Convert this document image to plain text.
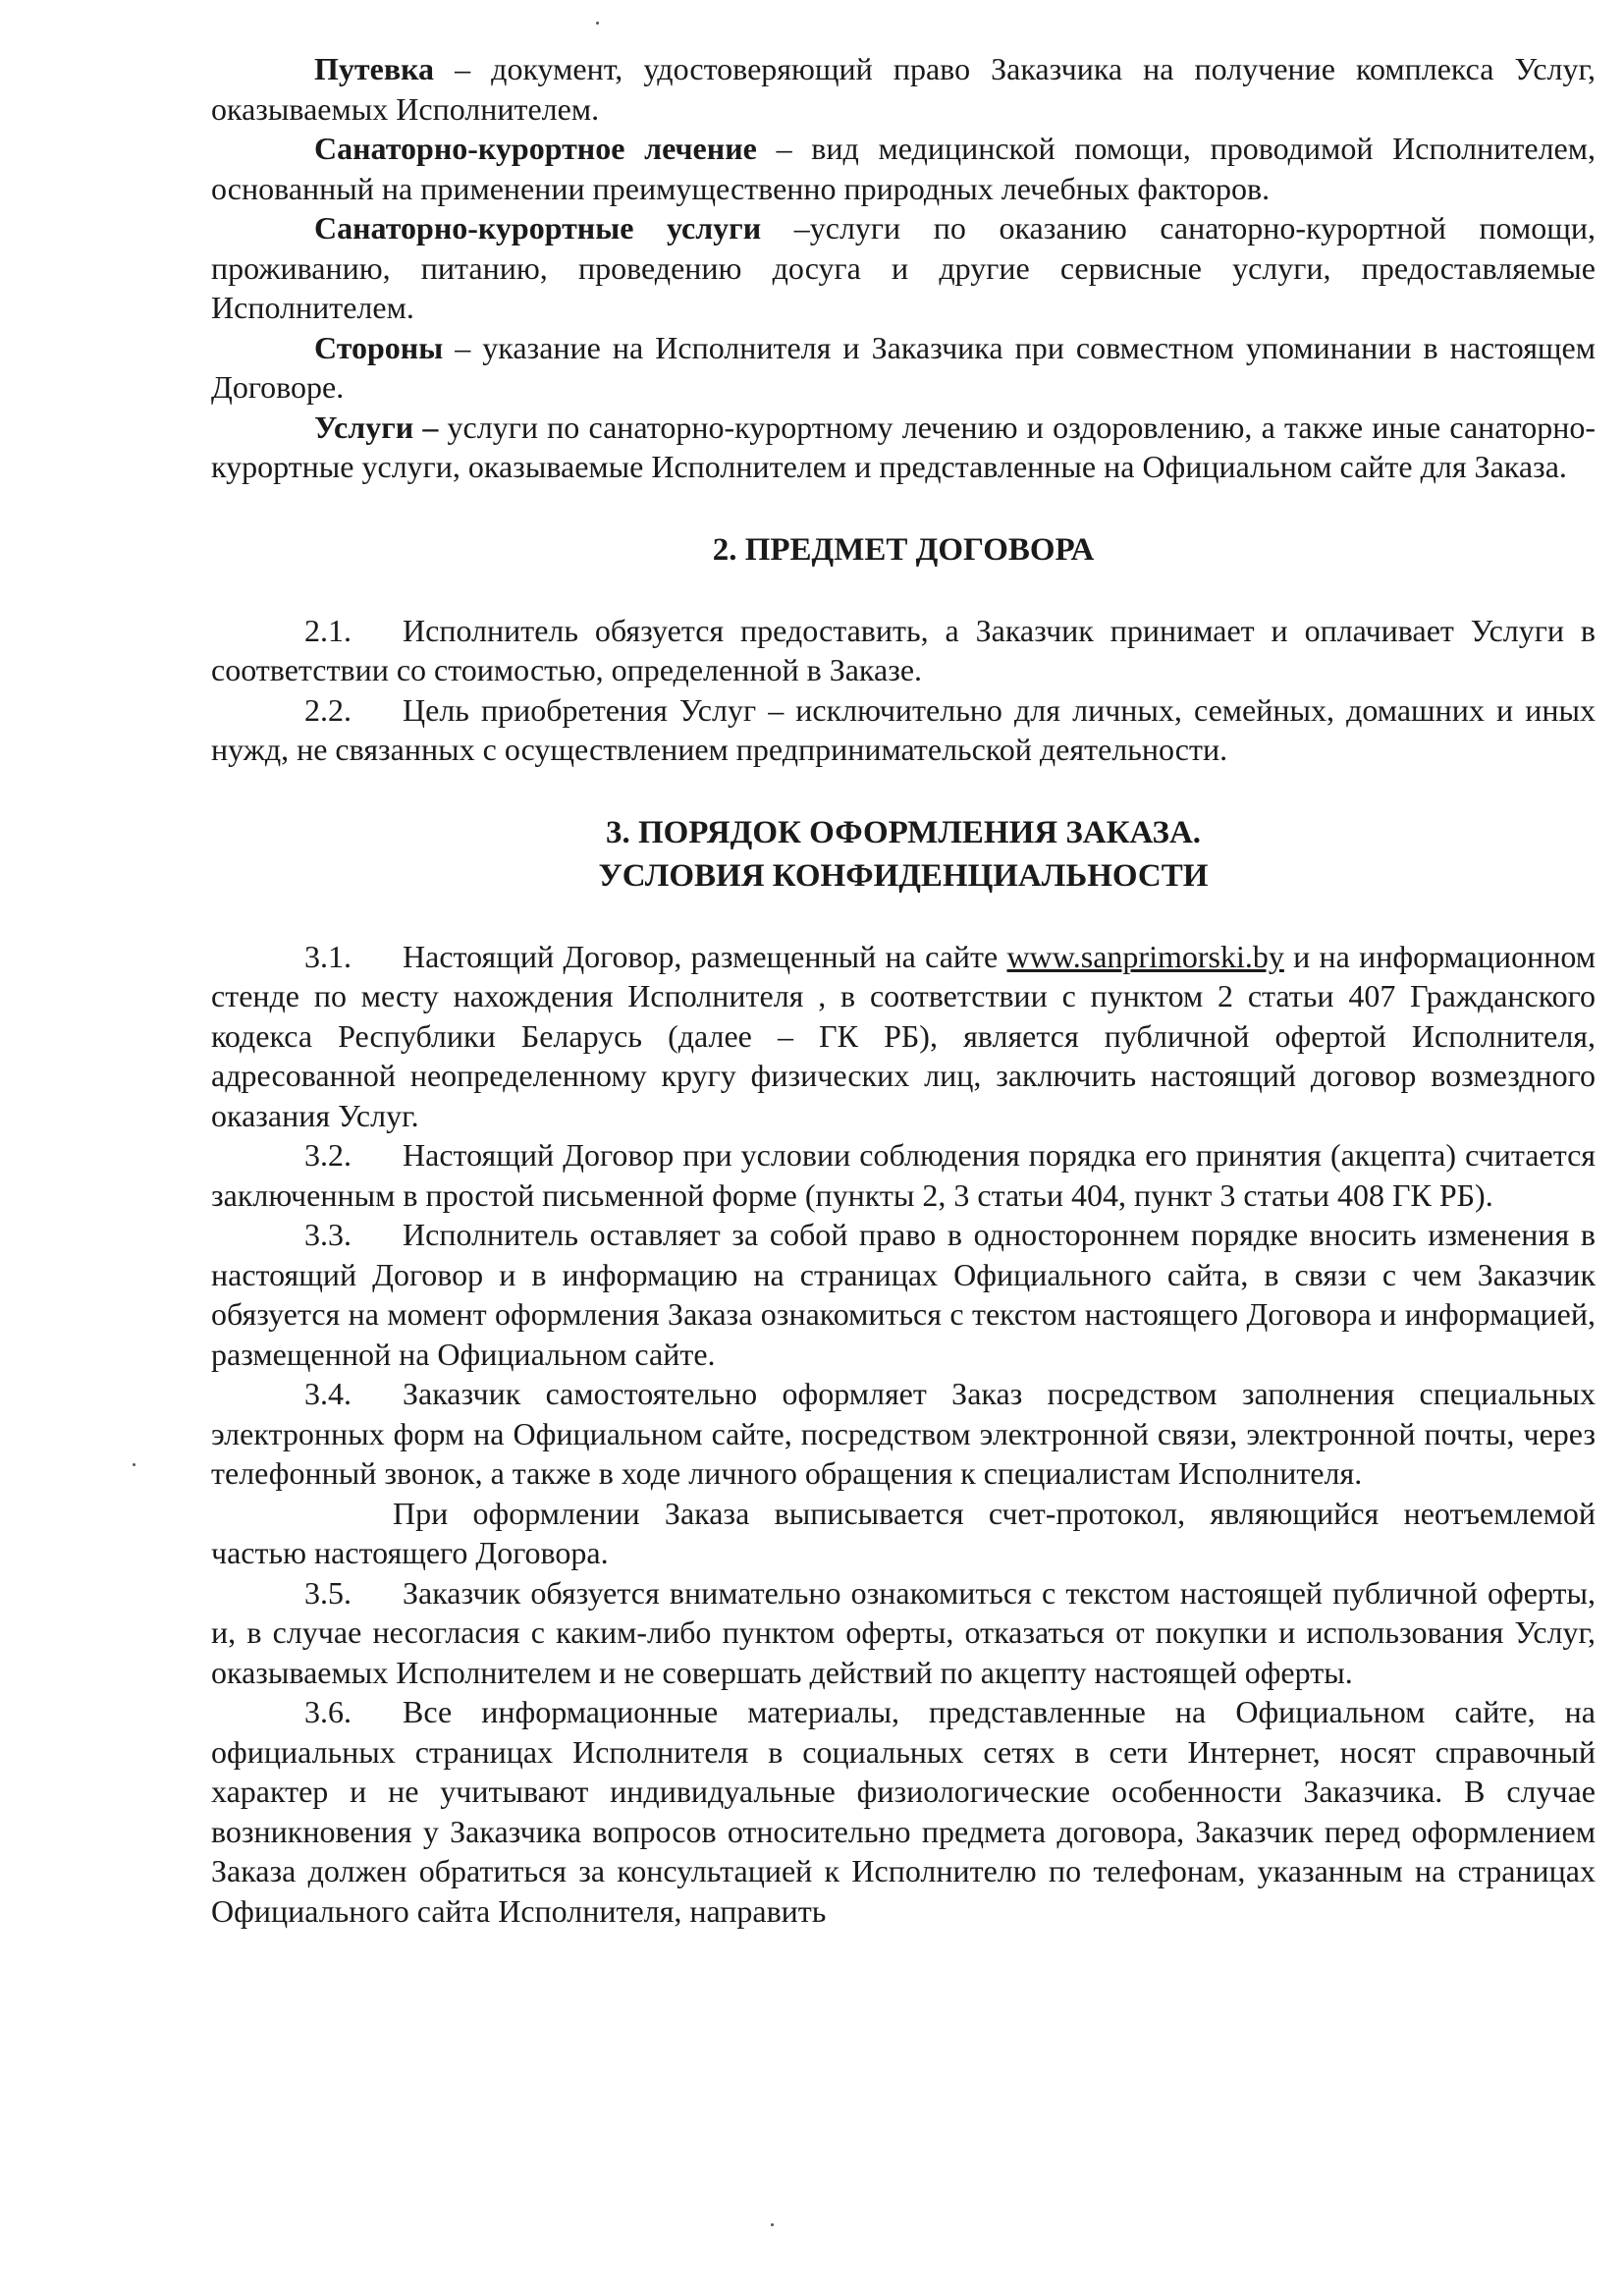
Путевка – документ, удостоверяющий право Заказчика на получение комплекса Услуг, оказываемых Исполнителем.

Санаторно-курортное лечение – вид медицинской помощи, проводимой Исполнителем, основанный на применении преимущественно природных лечебных факторов.

Санаторно-курортные услуги –услуги по оказанию санаторно-курортной помощи, проживанию, питанию, проведению досуга и другие сервисные услуги, предоставляемые Исполнителем.

Стороны – указание на Исполнителя и Заказчика при совместном упоминании в настоящем Договоре.

Услуги – услуги по санаторно-курортному лечению и оздоровлению, а также иные санаторно-курортные услуги, оказываемые Исполнителем и представленные на Официальном сайте для Заказа.

2. ПРЕДМЕТ ДОГОВОРА

2.1. Исполнитель обязуется предоставить, а Заказчик принимает и оплачивает Услуги в соответствии со стоимостью, определенной в Заказе.

2.2. Цель приобретения Услуг – исключительно для личных, семейных, домашних и иных нужд, не связанных с осуществлением предпринимательской деятельности.

3. ПОРЯДОК ОФОРМЛЕНИЯ ЗАКАЗА.
УСЛОВИЯ КОНФИДЕНЦИАЛЬНОСТИ

3.1. Настоящий Договор, размещенный на сайте www.sanprimorski.by и на информационном стенде по месту нахождения Исполнителя , в соответствии с пунктом 2 статьи 407 Гражданского кодекса Республики Беларусь (далее – ГК РБ), является публичной офертой Исполнителя, адресованной неопределенному кругу физических лиц, заключить настоящий договор возмездного оказания Услуг.

3.2. Настоящий Договор при условии соблюдения порядка его принятия (акцепта) считается заключенным в простой письменной форме (пункты 2, 3 статьи 404, пункт 3 статьи 408 ГК РБ).

3.3. Исполнитель оставляет за собой право в одностороннем порядке вносить изменения в настоящий Договор и в информацию на страницах Официального сайта, в связи с чем Заказчик обязуется на момент оформления Заказа ознакомиться с текстом настоящего Договора и информацией, размещенной на Официальном сайте.

3.4. Заказчик самостоятельно оформляет Заказ посредством заполнения специальных электронных форм на Официальном сайте, посредством электронной связи, электронной почты, через телефонный звонок, а также в ходе личного обращения к специалистам Исполнителя.

При оформлении Заказа выписывается счет-протокол, являющийся неотъемлемой частью настоящего Договора.

3.5. Заказчик обязуется внимательно ознакомиться с текстом настоящей публичной оферты, и, в случае несогласия с каким-либо пунктом оферты, отказаться от покупки и использования Услуг, оказываемых Исполнителем и не совершать действий по акцепту настоящей оферты.

3.6. Все информационные материалы, представленные на Официальном сайте, на официальных страницах Исполнителя в социальных сетях в сети Интернет, носят справочный характер и не учитывают индивидуальные физиологические особенности Заказчика. В случае возникновения у Заказчика вопросов относительно предмета договора, Заказчик перед оформлением Заказа должен обратиться за консультацией к Исполнителю по телефонам, указанным на страницах Официального сайта Исполнителя, направить
